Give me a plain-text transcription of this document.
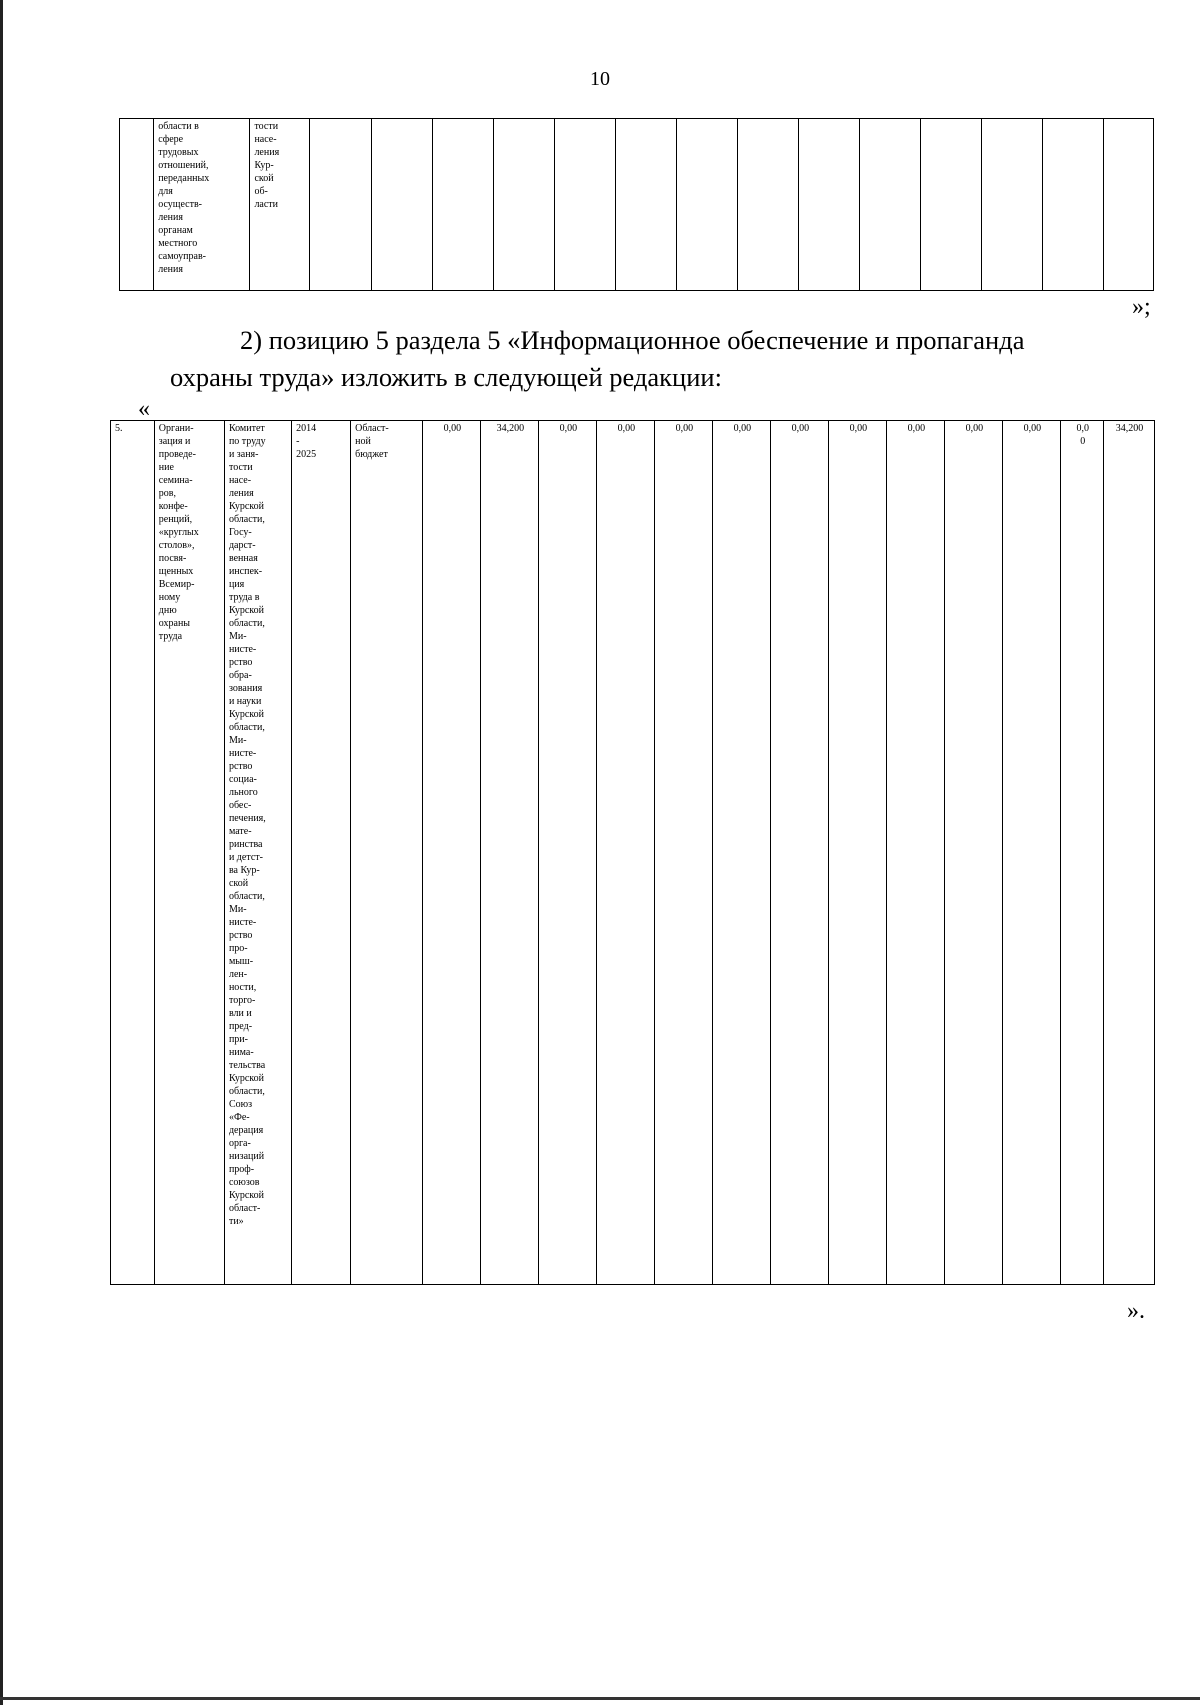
10
	области в
сфере
трудовых
отношений,
переданных
для
осуществ-
ления
органам
местного
самоуправ-
ления	тости
насе-
ления
Кур-
ской
об-
ласти														
»;

2) позицию 5 раздела 5 «Информационное обеспечение и пропаганда охраны труда» изложить в следующей редакции:

«
5.	Органи-
зация и
проведе-
ние
семина-
ров,
конфе-
ренций,
«круглых
столов»,
посвя-
щенных
Всемир-
ному
дню
охраны
труда	Комитет
по труду
и заня-
тости
насе-
ления
Курской
области,
Госу-
дарст-
венная
инспек-
ция
труда в
Курской
области,
Ми-
нисте-
рство
обра-
зования
и науки
Курской
области,
Ми-
нисте-
рство
социа-
льного
обес-
печения,
мате-
ринства
и детст-
ва Кур-
ской
области,
Ми-
нисте-
рство
про-
мыш-
лен-
ности,
торго-
вли и
пред-
при-
нима-
тельства
Курской
области,
Союз
«Фе-
дерация
орга-
низаций
проф-
союзов
Курской
област-
ти»	2014
-
2025	Област-
ной
бюджет	0,00	34,200	0,00	0,00	0,00	0,00	0,00	0,00	0,00	0,00	0,00	0,0
0	34,200
».
